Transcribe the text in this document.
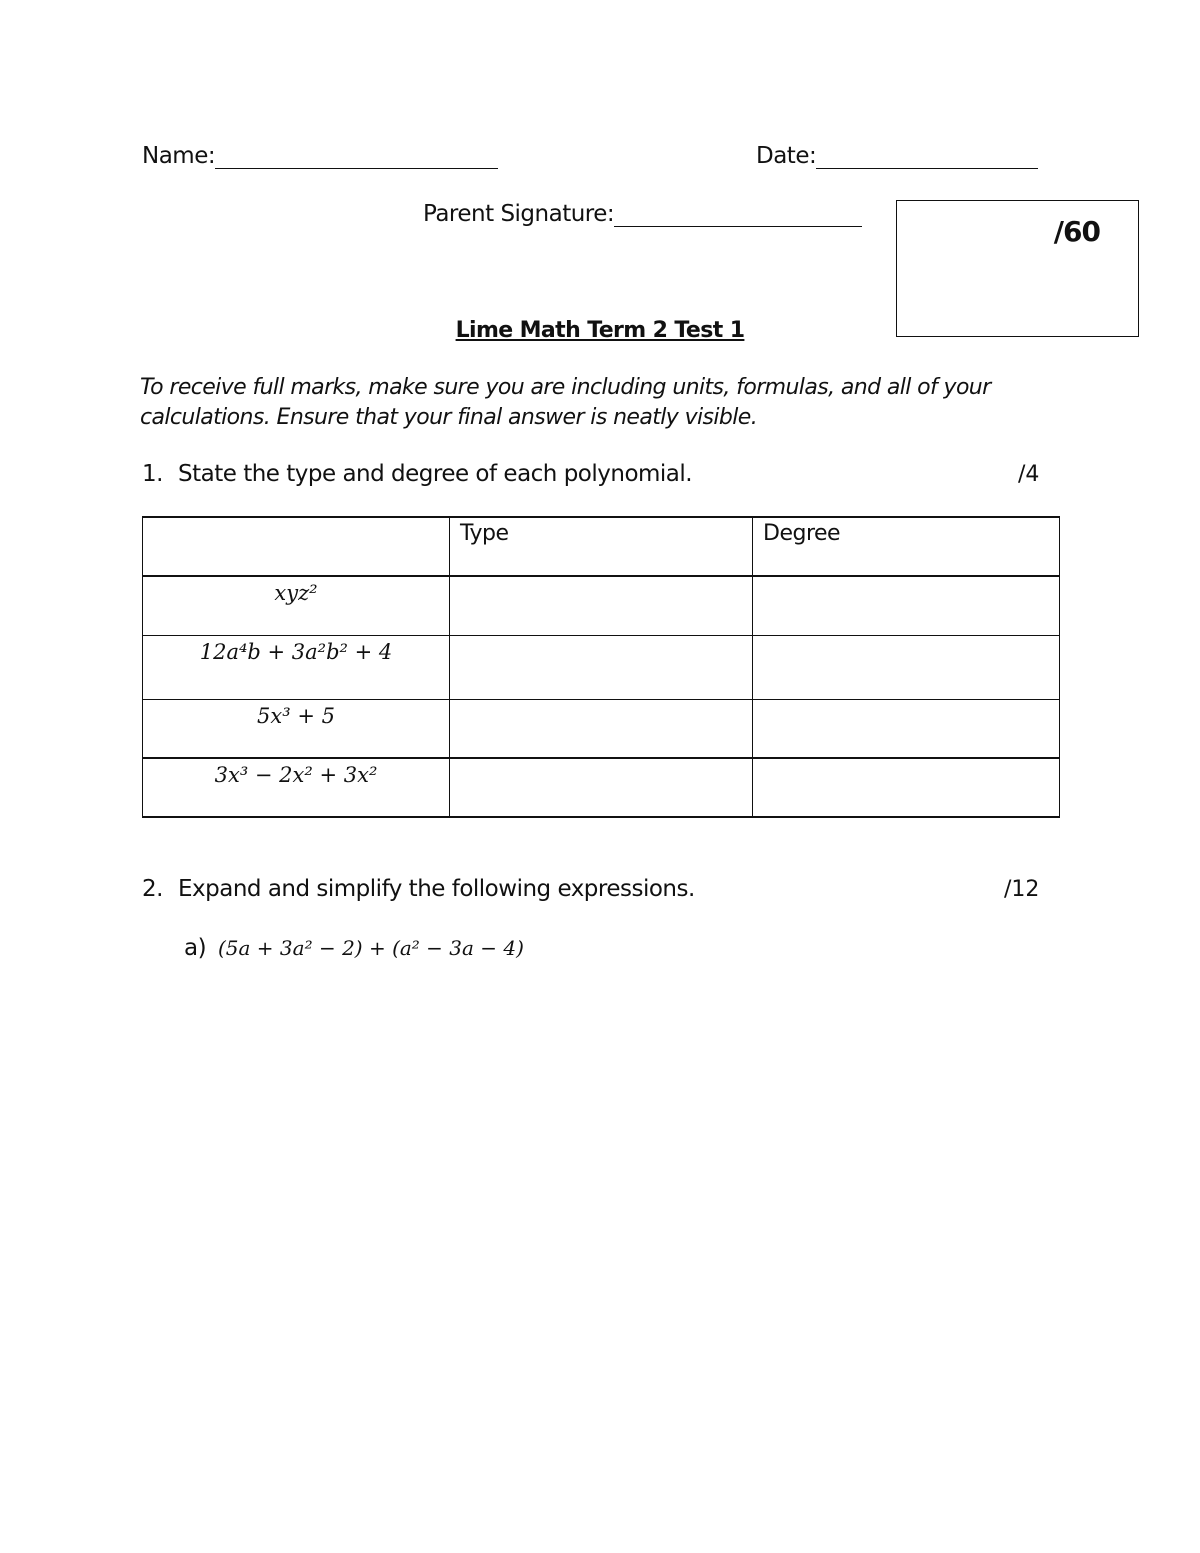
Name:	Date:
Parent Signature:
/60
Lime Math Term 2 Test 1
To receive full marks, make sure you are including units, formulas, and all of your calculations. Ensure that your final answer is neatly visible.
1. State the type and degree of each polynomial.	/4
	Type	Degree
xyz²		
12a⁴b + 3a²b² + 4		
5x³ + 5		
3x³ − 2x² + 3x²		
2. Expand and simplify the following expressions.	/12
a) (5a + 3a² − 2) + (a² − 3a − 4)
